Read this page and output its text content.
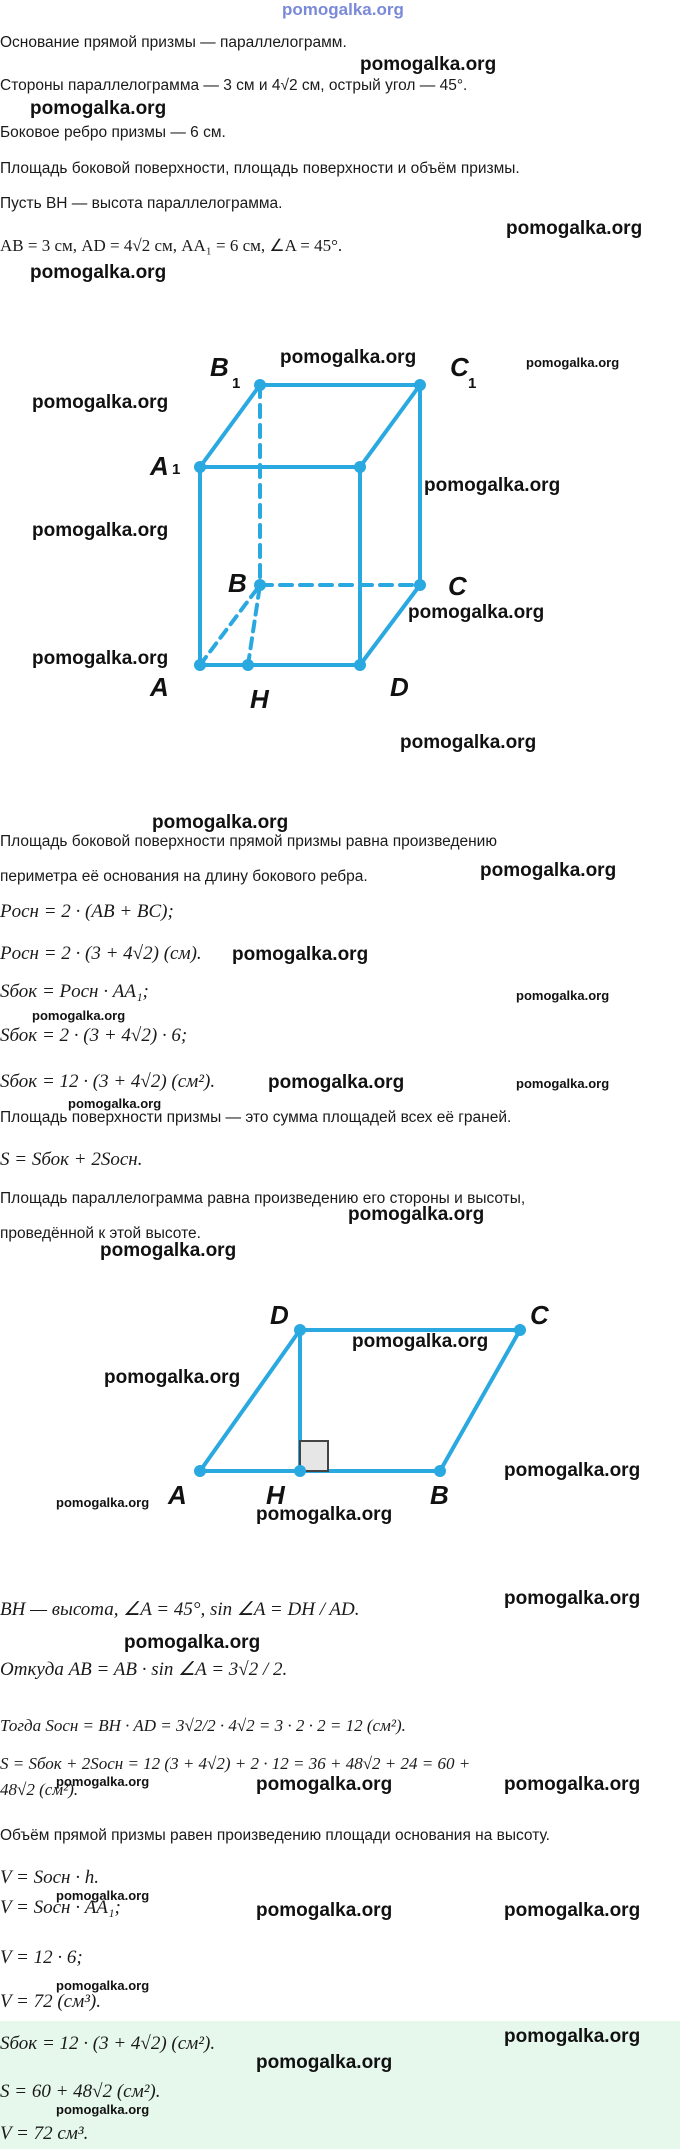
pomogalka.org
Основание прямой призмы — параллелограмм.
Стороны параллелограмма — 3 см и 4√2 см, острый угол — 45°.
Боковое ребро призмы — 6 см.
Площадь боковой поверхности, площадь поверхности и объём призмы.
Пусть BH — высота параллелограмма.
AB = 3 см, AD = 4√2 см, AA₁ = 6 см, ∠A = 45°.
pomogalka.org
pomogalka.org
pomogalka.org
pomogalka.org
A	H	D
B	C
A
B	C
1
1	1
pomogalka.org	pomogalka.org
pomogalka.org
pomogalka.org
pomogalka.org
pomogalka.org
pomogalka.org
pomogalka.org
pomogalka.org
Площадь боковой поверхности прямой призмы равна произведению
периметра её основания на длину бокового ребра.	pomogalka.org
Pосн = 2 · (AB + BC);
Pосн = 2 · (3 + 4√2) (см). pomogalka.org
Sбок = Pосн · AA₁;	pomogalka.org
pomogalka.org
Sбок = 2 · (3 + 4√2) · 6;
Sбок = 12 · (3 + 4√2) (см²).	pomogalka.org	pomogalka.org
pomogalka.org
Площадь поверхности призмы — это сумма площадей всех её граней.
S = Sбок + 2Sосн.
Площадь параллелограмма равна произведению его стороны и высоты,
pomogalka.org
проведённой к этой высоте.
pomogalka.org
A	H	B
D	C
pomogalka.org
pomogalka.org
pomogalka.org
pomogalka.org
pomogalka.org
pomogalka.org
BH — высота, ∠A = 45°, sin ∠A = DH / AD.
pomogalka.org
Откуда AB = AB · sin ∠A = 3√2 / 2.
Тогда Sосн = BH · AD = 3√2/2 · 4√2 = 3 · 2 · 2 = 12 (см²).
S = Sбок + 2Sосн = 12 (3 + 4√2) + 2 · 12 = 36 + 48√2 + 24 = 60 +
pomogalka.org	pomogalka.org	pomogalka.org
48√2 (см²).
Объём прямой призмы равен произведению площади основания на высоту.
V = Sосн · h.
pomogalka.org
V = Sосн · AA₁;	pomogalka.org	pomogalka.org
V = 12 · 6;
pomogalka.org
V = 72 (см³).
pomogalka.org
Sбок = 12 · (3 + 4√2) (см²).
pomogalka.org
S = 60 + 48√2 (см²).
pomogalka.org
V = 72 см³.
